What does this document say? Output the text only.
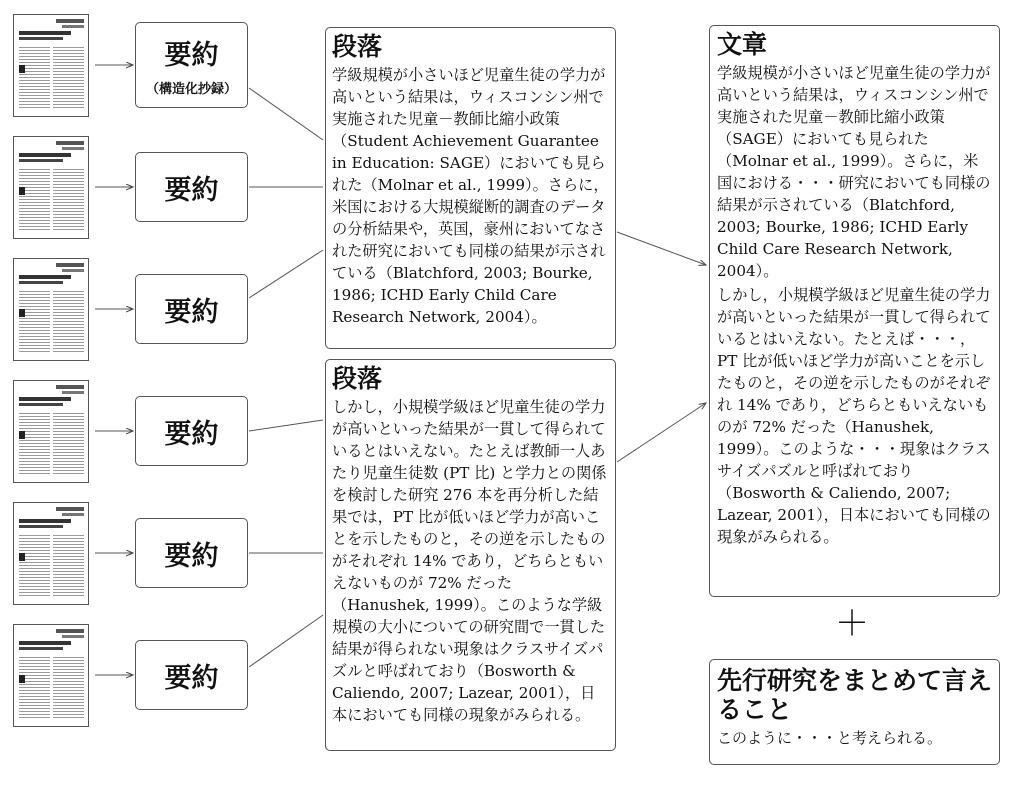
要約
（構造化抄録）
要約
要約
要約
要約
要約
段落
学級規模が小さいほど児童生徒の学力が高いという結果は，ウィスコンシン州で実施された児童－教師比縮小政策（Student Achievement Guarantee in Education: SAGE）においても見られた（Molnar et al., 1999）。さらに，米国における大規模縦断的調査のデータの分析結果や，英国，豪州においてなされた研究においても同様の結果が示されている（Blatchford, 2003; Bourke, 1986; ICHD Early Child Care Research Network, 2004）。
段落
しかし，小規模学級ほど児童生徒の学力が高いといった結果が一貫して得られているとはいえない。たとえば教師一人あたり児童生徒数 (PT 比) と学力との関係を検討した研究 276 本を再分析した結果では，PT 比が低いほど学力が高いことを示したものと，その逆を示したものがそれぞれ 14% であり，どちらともいえないものが 72% だった（Hanushek, 1999）。このような学級規模の大小についての研究間で一貫した結果が得られない現象はクラスサイズパズルと呼ばれており（Bosworth & Caliendo, 2007; Lazear, 2001），日本においても同様の現象がみられる。
文章
学級規模が小さいほど児童生徒の学力が高いという結果は，ウィスコンシン州で実施された児童－教師比縮小政策（SAGE）においても見られた（Molnar et al., 1999）。さらに，米国における・・・研究においても同様の結果が示されている（Blatchford, 2003; Bourke, 1986; ICHD Early Child Care Research Network, 2004）。
しかし，小規模学級ほど児童生徒の学力が高いといった結果が一貫して得られているとはいえない。たとえば・・・，PT 比が低いほど学力が高いことを示したものと，その逆を示したものがそれぞれ 14% であり，どちらともいえないものが 72% だった（Hanushek, 1999）。このような・・・現象はクラスサイズパズルと呼ばれており（Bosworth & Caliendo, 2007; Lazear, 2001），日本においても同様の現象がみられる。
＋
先行研究をまとめて言えること
このように・・・と考えられる。
